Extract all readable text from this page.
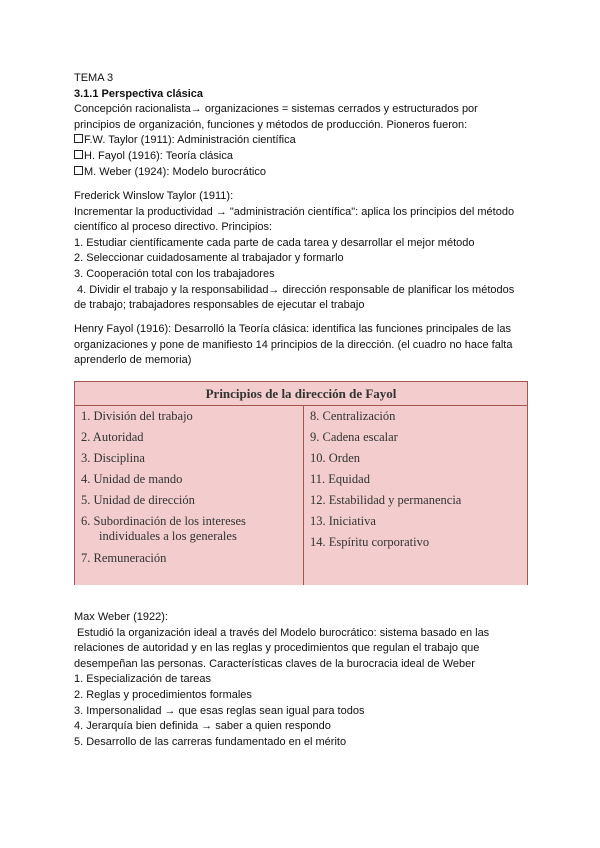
TEMA 3
3.1.1 Perspectiva clásica
Concepción racionalista→ organizaciones = sistemas cerrados y estructurados por
principios de organización, funciones y métodos de producción. Pioneros fueron:
F.W. Taylor (1911): Administración científica
H. Fayol (1916): Teoría clásica
M. Weber (1924): Modelo burocrático
Frederick Winslow Taylor (1911):
Incrementar la productividad → "administración científica": aplica los principios del método
científico al proceso directivo. Principios:
1. Estudiar científicamente cada parte de cada tarea y desarrollar el mejor método
2. Seleccionar cuidadosamente al trabajador y formarlo
3. Cooperación total con los trabajadores
4. Dividir el trabajo y la responsabilidad→ dirección responsable de planificar los métodos
de trabajo; trabajadores responsables de ejecutar el trabajo
Henry Fayol (1916): Desarrolló la Teoría clásica: identifica las funciones principales de las
organizaciones y pone de manifiesto 14 principios de la dirección. (el cuadro no hace falta
aprenderlo de memoria)
Principios de la dirección de Fayol
1. División del trabajo
2. Autoridad
3. Disciplina
4. Unidad de mando
5. Unidad de dirección
6. Subordinación de los intereses
individuales a los generales
7. Remuneración
8. Centralización
9. Cadena escalar
10. Orden
11. Equidad
12. Estabilidad y permanencia
13. Iniciativa
14. Espíritu corporativo
Max Weber (1922):
Estudió la organización ideal a través del Modelo burocrático: sistema basado en las
relaciones de autoridad y en las reglas y procedimientos que regulan el trabajo que
desempeñan las personas. Características claves de la burocracia ideal de Weber
1. Especialización de tareas
2. Reglas y procedimientos formales
3. Impersonalidad → que esas reglas sean igual para todos
4. Jerarquía bien definida → saber a quien respondo
5. Desarrollo de las carreras fundamentado en el mérito
